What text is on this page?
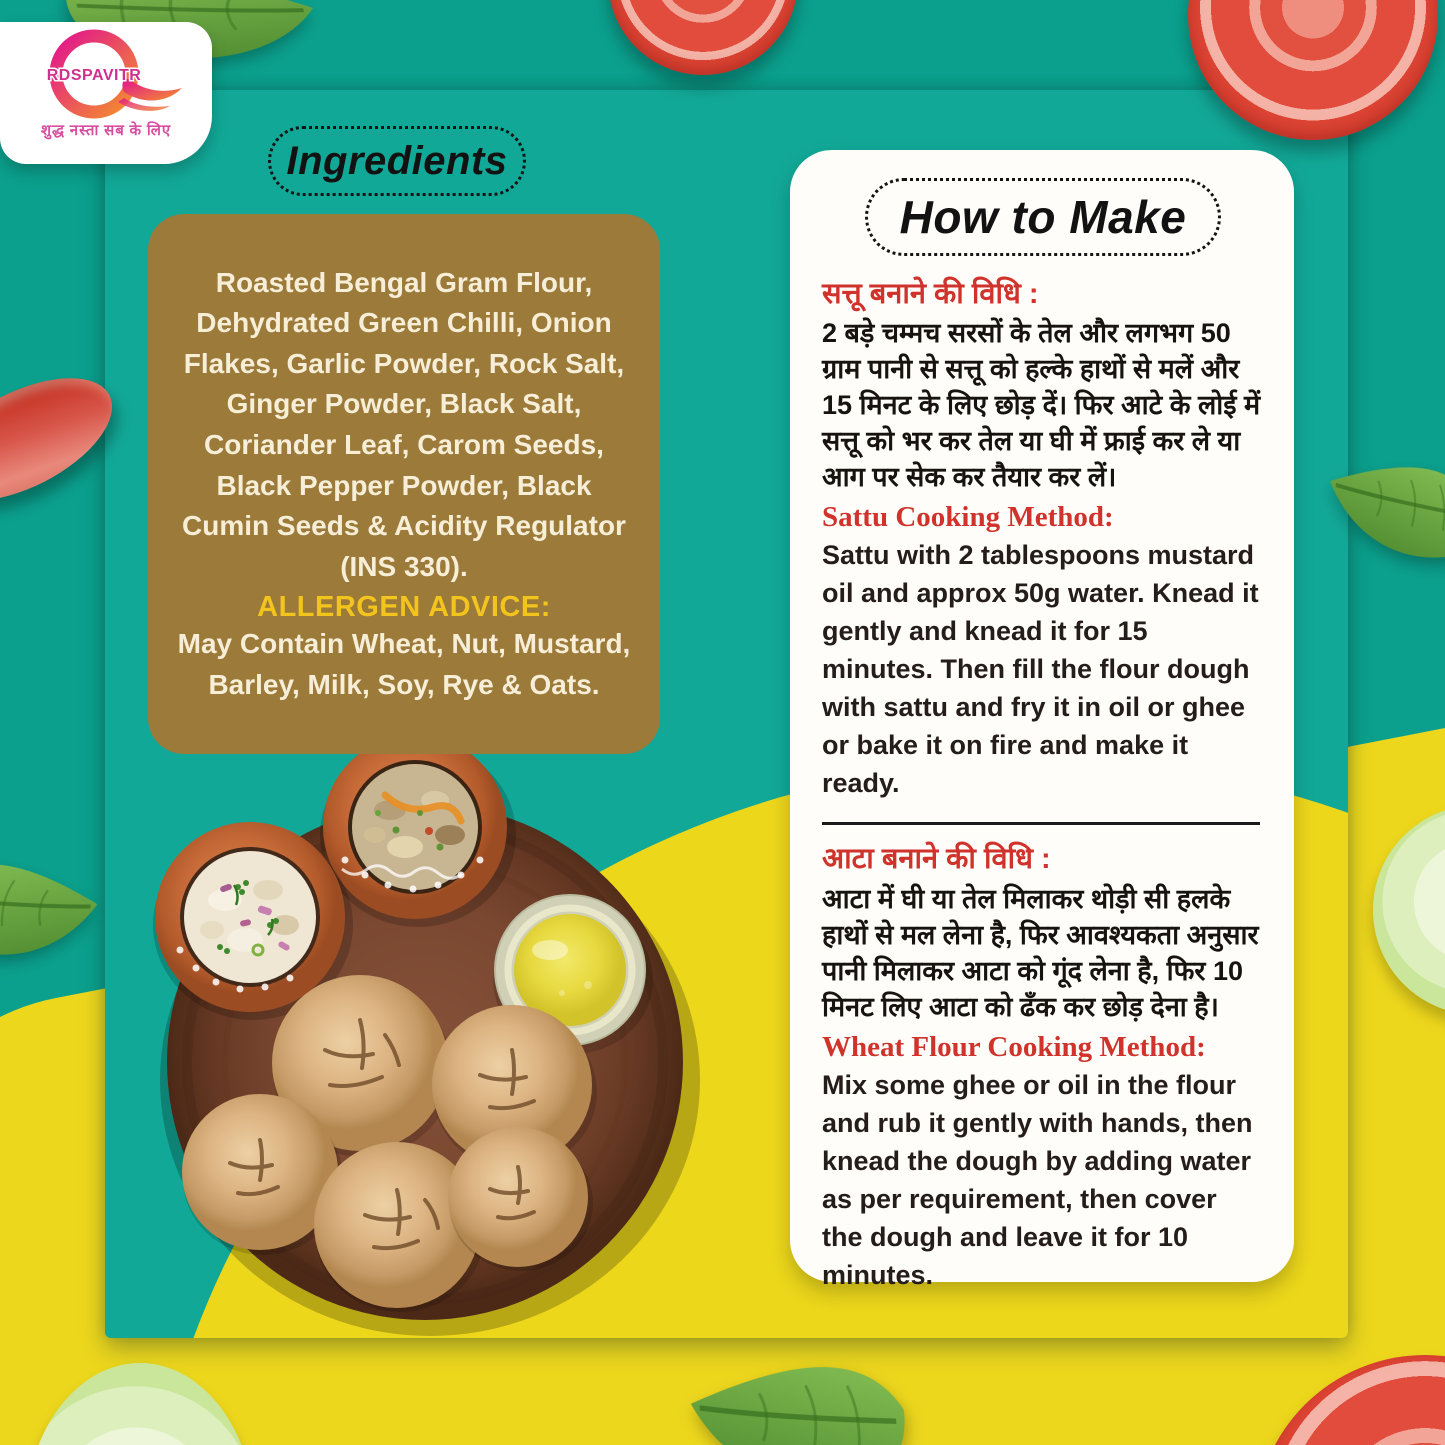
Ingredients
Roasted Bengal Gram Flour, Dehydrated Green Chilli, Onion Flakes, Garlic Powder, Rock Salt, Ginger Powder, Black Salt, Coriander Leaf, Carom Seeds, Black Pepper Powder, Black Cumin Seeds & Acidity Regulator (INS 330).
ALLERGEN ADVICE:
May Contain Wheat, Nut, Mustard, Barley, Milk, Soy, Rye & Oats.
How to Make
सत्तू बनाने की विधि :
2 बड़े चम्मच सरसों के तेल और लगभग 50 ग्राम पानी से सत्तू को हल्के हाथों से मलें और 15 मिनट के लिए छोड़ दें। फिर आटे के लोई में सत्तू को भर कर तेल या घी में फ्राई कर ले या आग पर सेक कर तैयार कर लें।
Sattu Cooking Method:
Sattu with 2 tablespoons mustard oil and approx 50g water. Knead it gently and knead it for 15 minutes. Then fill the flour dough with sattu and fry it in oil or ghee or bake it on fire and make it ready.
आटा बनाने की विधि :
आटा में घी या तेल मिलाकर थोड़ी सी हलके हाथों से मल लेना है, फिर आवश्यकता अनुसार पानी मिलाकर आटा को गूंद लेना है, फिर 10 मिनट लिए आटा को ढँक कर छोड़ देना है।
Wheat Flour Cooking Method:
Mix some ghee or oil in the flour and rub it gently with hands, then knead the dough by adding water as per requirement, then cover the dough and leave it for 10 minutes.
RDSPAVITR
शुद्ध नस्ता सब के लिए
